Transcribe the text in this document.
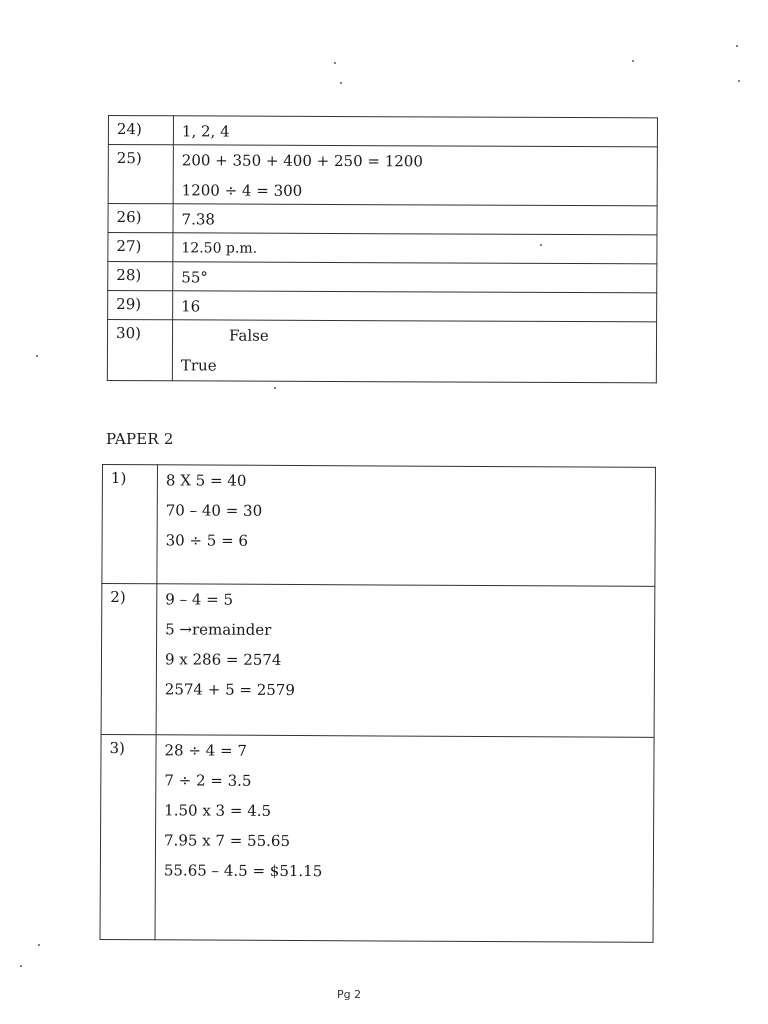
24)	1, 2, 4

25)	200 + 350 + 400 + 250 = 1200
1200 ÷ 4 = 300

26)	7.38

27)	12.50 p.m.

28)	55°

29)	16

30)	False
True
PAPER 2
1)	8 X 5 = 40
70 – 40 = 30
30 ÷ 5 = 6

2)	9 – 4 = 5
5 →remainder
9 x 286 = 2574
2574 + 5 = 2579

3)	28 ÷ 4 = 7
7 ÷ 2 = 3.5
1.50 x 3 = 4.5
7.95 x 7 = 55.65
55.65 – 4.5 = $51.15
Pg 2
